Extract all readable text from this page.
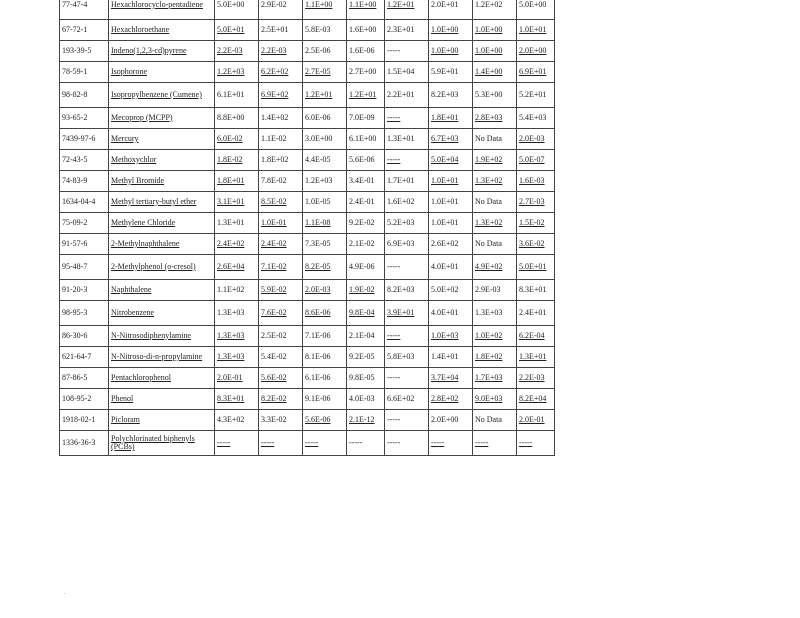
77-47-4	Hexachlorocyclo-pentadiene	5.0E+00	2.9E-02	1.1E+00	1.1E+00	1.2E+01	2.0E+01	1.2E+02	5.0E+00
67-72-1	Hexachloroethane	5.0E+01	2.5E+01	5.8E-03	1.6E+00	2.3E+01	1.0E+00	1.0E+00	1.0E+01
193-39-5	Indeno(1,2,3-cd)pyrene	2.2E-03	2.2E-03	2.5E-06	1.6E-06	-----	1.0E+00	1.0E+00	2.0E+00
78-59-1	Isophorone	1.2E+03	6.2E+02	2.7E-05	2.7E+00	1.5E+04	5.9E+01	1.4E+00	6.9E+01
98-82-8	Isopropylbenzene (Cumene)	6.1E+01	6.9E+02	1.2E+01	1.2E+01	2.2E+01	8.2E+03	5.3E+00	5.2E+01
93-65-2	Mecoprop (MCPP)	8.8E+00	1.4E+02	6.0E-06	7.0E-09	-----	1.8E+01	2.8E+03	5.4E+03
7439-97-6	Mercury	6.0E-02	1.1E-02	3.0E+00	6.1E+00	1.3E+01	6.7E+03	No Data	2.0E-03
72-43-5	Methoxychlor	1.8E-02	1.8E+02	4.4E-05	5.6E-06	-----	5.0E+04	1.9E+02	5.0E-07
74-83-9	Methyl Bromide	1.8E+01	7.8E-02	1.2E+03	3.4E-01	1.7E+01	1.0E+01	1.3E+02	1.6E-03
1634-04-4	Methyl tertiary-butyl ether	3.1E+01	8.5E-02	1.0E-05	2.4E-01	1.6E+02	1.0E+01	No Data	2.7E-03
75-09-2	Methylene Chloride	1.3E+01	1.0E-01	1.1E-08	9.2E-02	5.2E+03	1.0E+01	1.3E+02	1.5E-02
91-57-6	2-Methylnaphthalene	2.4E+02	2.4E-02	7.3E-05	2.1E-02	6.9E+03	2.6E+02	No Data	3.6E-02
95-48-7	2-Methylphenol (o-cresol)	2.6E+04	7.1E-02	8.2E-05	4.9E-06	-----	4.0E+01	4.9E+02	5.0E+01
91-20-3	Naphthalene	1.1E+02	5.9E-02	2.0E-03	1.9E-02	8.2E+03	5.0E+02	2.9E-03	8.3E+01
98-95-3	Nitrobenzene	1.3E+03	7.6E-02	8.6E-06	9.8E-04	3.9E+01	4.0E+01	1.3E+03	2.4E+01
86-30-6	N-Nitrosodiphenylamine	1.3E+03	2.5E-02	7.1E-06	2.1E-04	-----	1.0E+03	1.0E+02	6.2E-04
621-64-7	N-Nitroso-di-n-propylamine	1.3E+03	5.4E-02	8.1E-06	9.2E-05	5.8E+03	1.4E+01	1.8E+02	1.3E+01
87-86-5	Pentachlorophenol	2.0E-01	5.6E-02	6.1E-06	9.8E-05	-----	3.7E+04	1.7E+03	2.2E-03
108-95-2	Phenol	8.3E+01	8.2E-02	9.1E-06	4.0E-03	6.6E+02	2.8E+02	9.0E+03	8.2E+04
1918-02-1	Picloram	4.3E+02	3.3E-02	5.6E-06	2.1E-12	-----	2.0E+00	No Data	2.0E-01
1336-36-3	Polychlorinated biphenyls (PCBs)	-----	-----	-----	-----	-----	-----	-----	-----
.
